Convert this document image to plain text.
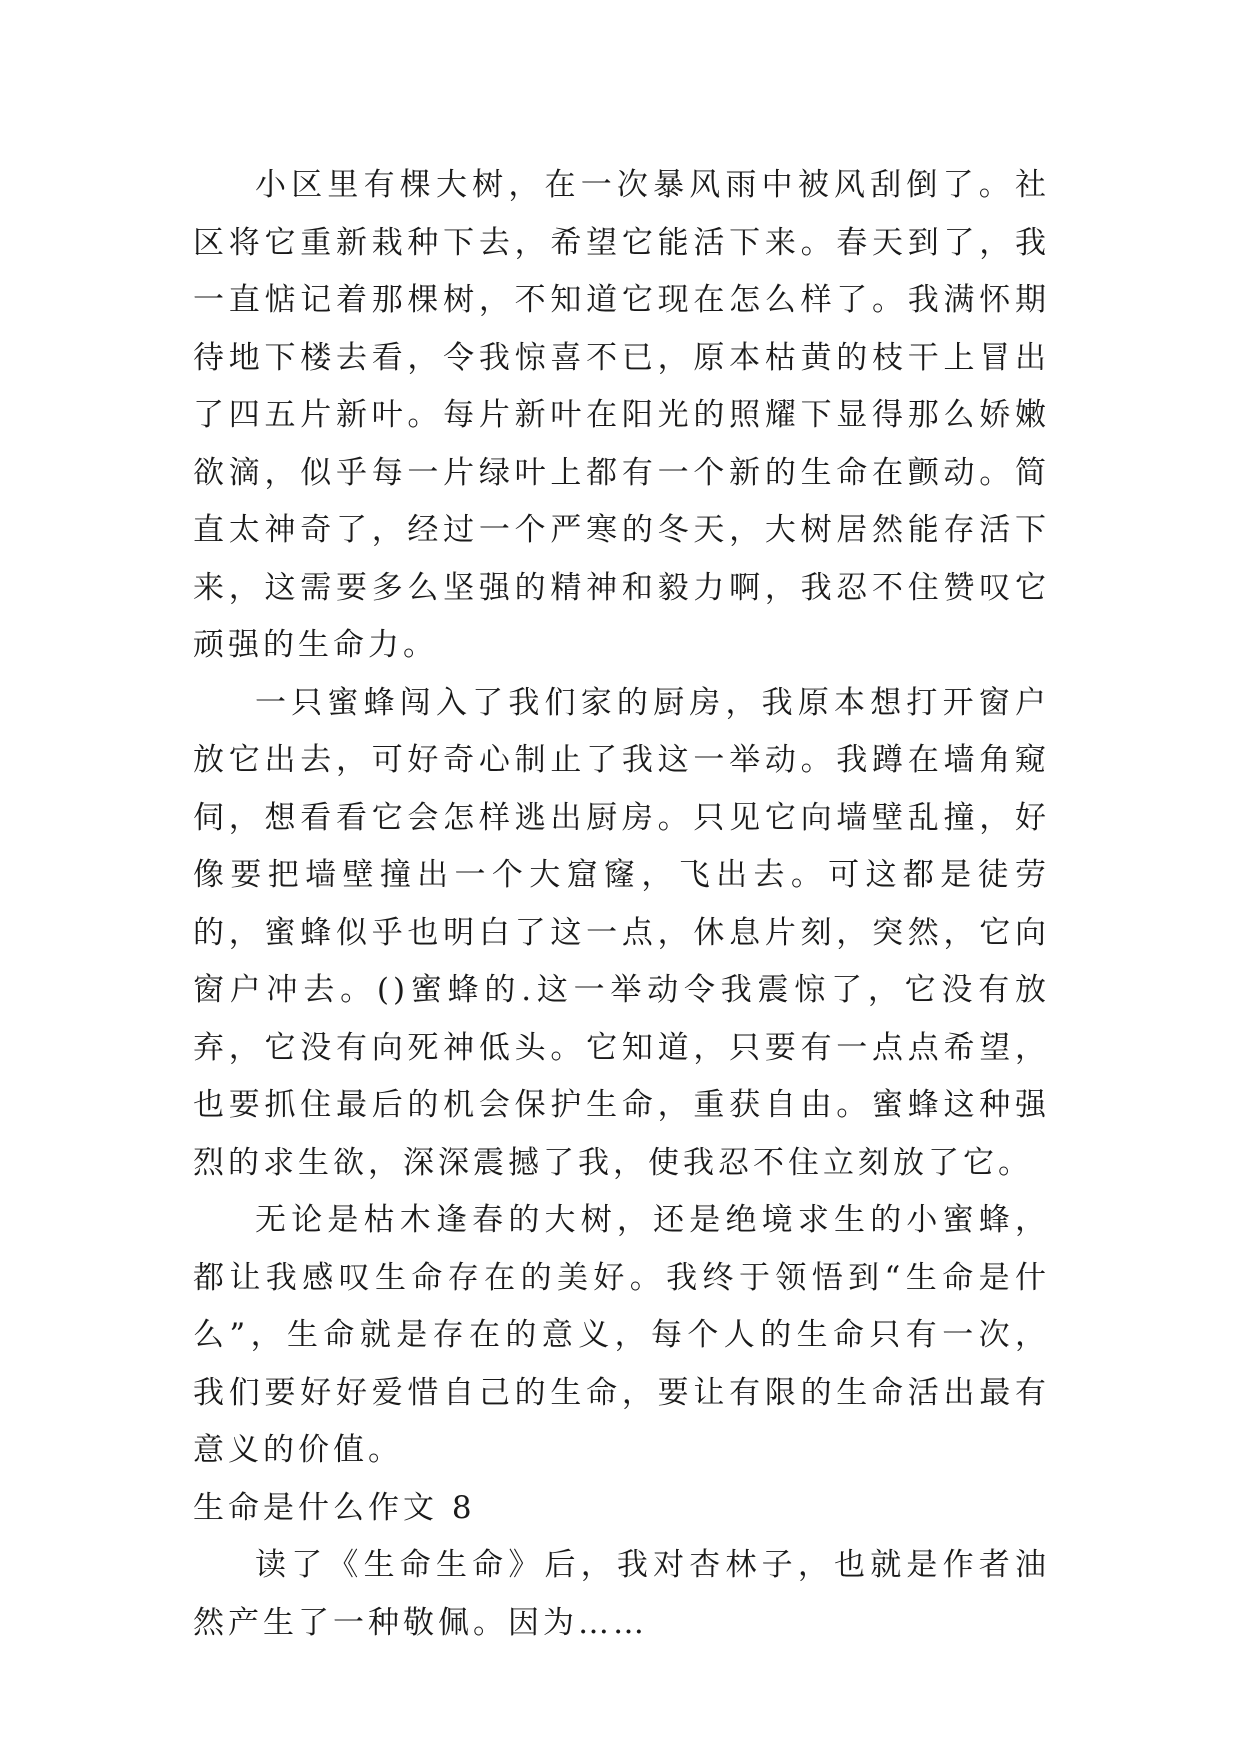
小区里有棵大树，在一次暴风雨中被风刮倒了。社区将它重新栽种下去，希望它能活下来。春天到了，我一直惦记着那棵树，不知道它现在怎么样了。我满怀期待地下楼去看，令我惊喜不已，原本枯黄的枝干上冒出了四五片新叶。每片新叶在阳光的照耀下显得那么娇嫩欲滴，似乎每一片绿叶上都有一个新的生命在颤动。简直太神奇了，经过一个严寒的冬天，大树居然能存活下来，这需要多么坚强的精神和毅力啊，我忍不住赞叹它顽强的生命力。

一只蜜蜂闯入了我们家的厨房，我原本想打开窗户放它出去，可好奇心制止了我这一举动。我蹲在墙角窥伺，想看看它会怎样逃出厨房。只见它向墙壁乱撞，好像要把墙壁撞出一个大窟窿，飞出去。可这都是徒劳的，蜜蜂似乎也明白了这一点，休息片刻，突然，它向窗户冲去。()蜜蜂的.这一举动令我震惊了，它没有放弃，它没有向死神低头。它知道，只要有一点点希望，也要抓住最后的机会保护生命，重获自由。蜜蜂这种强烈的求生欲，深深震撼了我，使我忍不住立刻放了它。

无论是枯木逢春的大树，还是绝境求生的小蜜蜂，都让我感叹生命存在的美好。我终于领悟到“生命是什么”，生命就是存在的意义，每个人的生命只有一次，我们要好好爱惜自己的生命，要让有限的生命活出最有意义的价值。

生命是什么作文 8

读了《生命生命》后，我对杏林子，也就是作者油然产生了一种敬佩。因为……
